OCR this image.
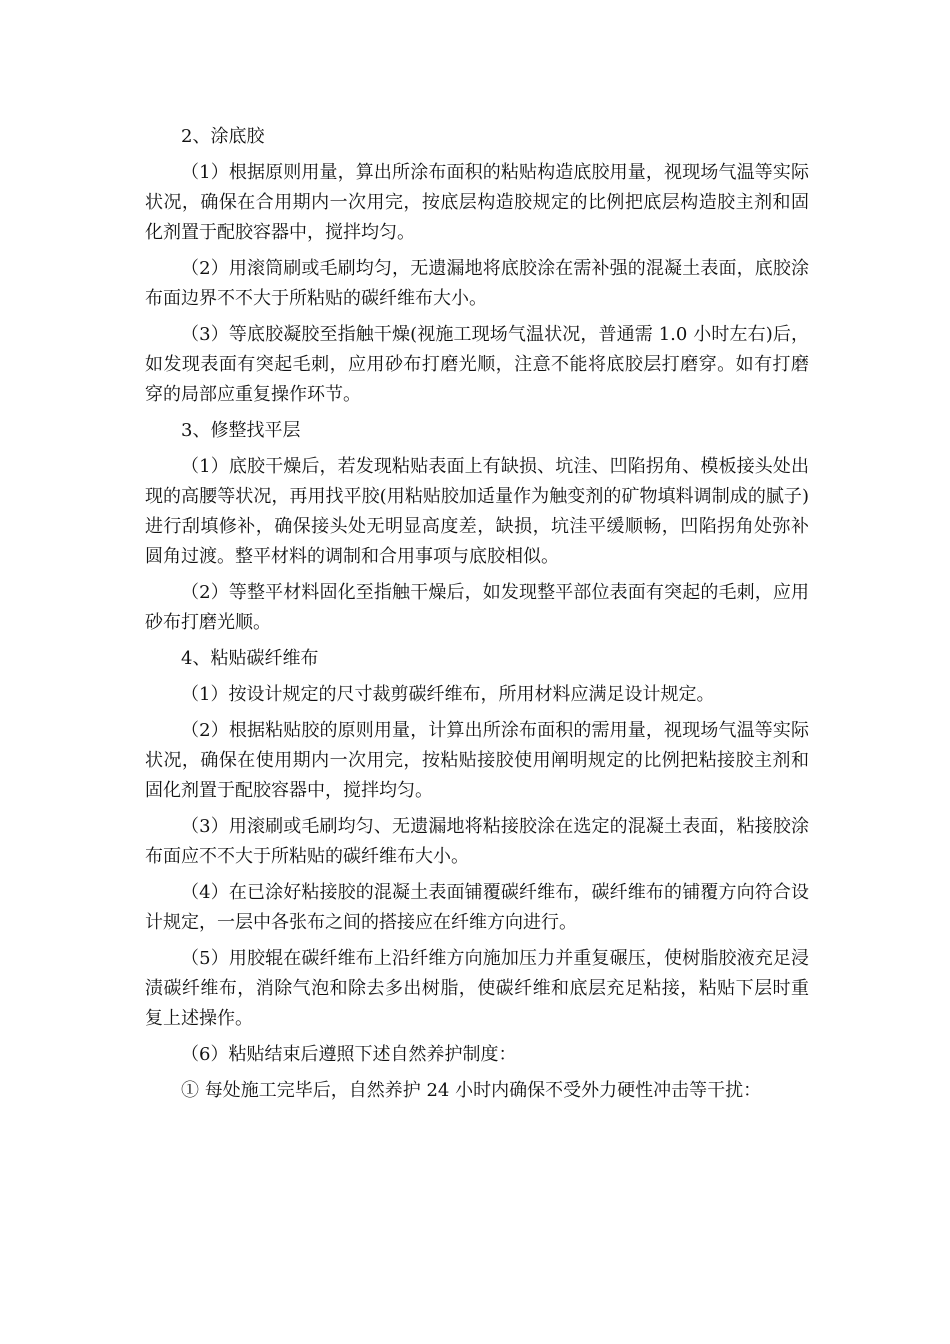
2、涂底胶

（1）根据原则用量，算出所涂布面积的粘贴构造底胶用量，视现场气温等实际状况，确保在合用期内一次用完，按底层构造胶规定的比例把底层构造胶主剂和固化剂置于配胶容器中，搅拌均匀。

（2）用滚筒刷或毛刷均匀，无遗漏地将底胶涂在需补强的混凝土表面，底胶涂布面边界不不大于所粘贴的碳纤维布大小。

（3）等底胶凝胶至指触干燥(视施工现场气温状况，普通需 1.0 小时左右)后，如发现表面有突起毛刺，应用砂布打磨光顺，注意不能将底胶层打磨穿。如有打磨穿的局部应重复操作环节。

3、修整找平层

（1）底胶干燥后，若发现粘贴表面上有缺损、坑洼、凹陷拐角、模板接头处出现的高腰等状况，再用找平胶(用粘贴胶加适量作为触变剂的矿物填料调制成的腻子)进行刮填修补，确保接头处无明显高度差，缺损，坑洼平缓顺畅，凹陷拐角处弥补圆角过渡。整平材料的调制和合用事项与底胶相似。

（2）等整平材料固化至指触干燥后，如发现整平部位表面有突起的毛刺，应用砂布打磨光顺。

4、粘贴碳纤维布

（1）按设计规定的尺寸裁剪碳纤维布，所用材料应满足设计规定。

（2）根据粘贴胶的原则用量，计算出所涂布面积的需用量，视现场气温等实际状况，确保在使用期内一次用完，按粘贴接胶使用阐明规定的比例把粘接胶主剂和固化剂置于配胶容器中，搅拌均匀。

（3）用滚刷或毛刷均匀、无遗漏地将粘接胶涂在选定的混凝土表面，粘接胶涂布面应不不大于所粘贴的碳纤维布大小。

（4）在已涂好粘接胶的混凝土表面铺覆碳纤维布，碳纤维布的铺覆方向符合设计规定，一层中各张布之间的搭接应在纤维方向进行。

（5）用胶辊在碳纤维布上沿纤维方向施加压力并重复碾压，使树脂胶液充足浸渍碳纤维布，消除气泡和除去多出树脂，使碳纤维和底层充足粘接，粘贴下层时重复上述操作。

（6）粘贴结束后遵照下述自然养护制度：

① 每处施工完毕后，自然养护 24 小时内确保不受外力硬性冲击等干扰：
